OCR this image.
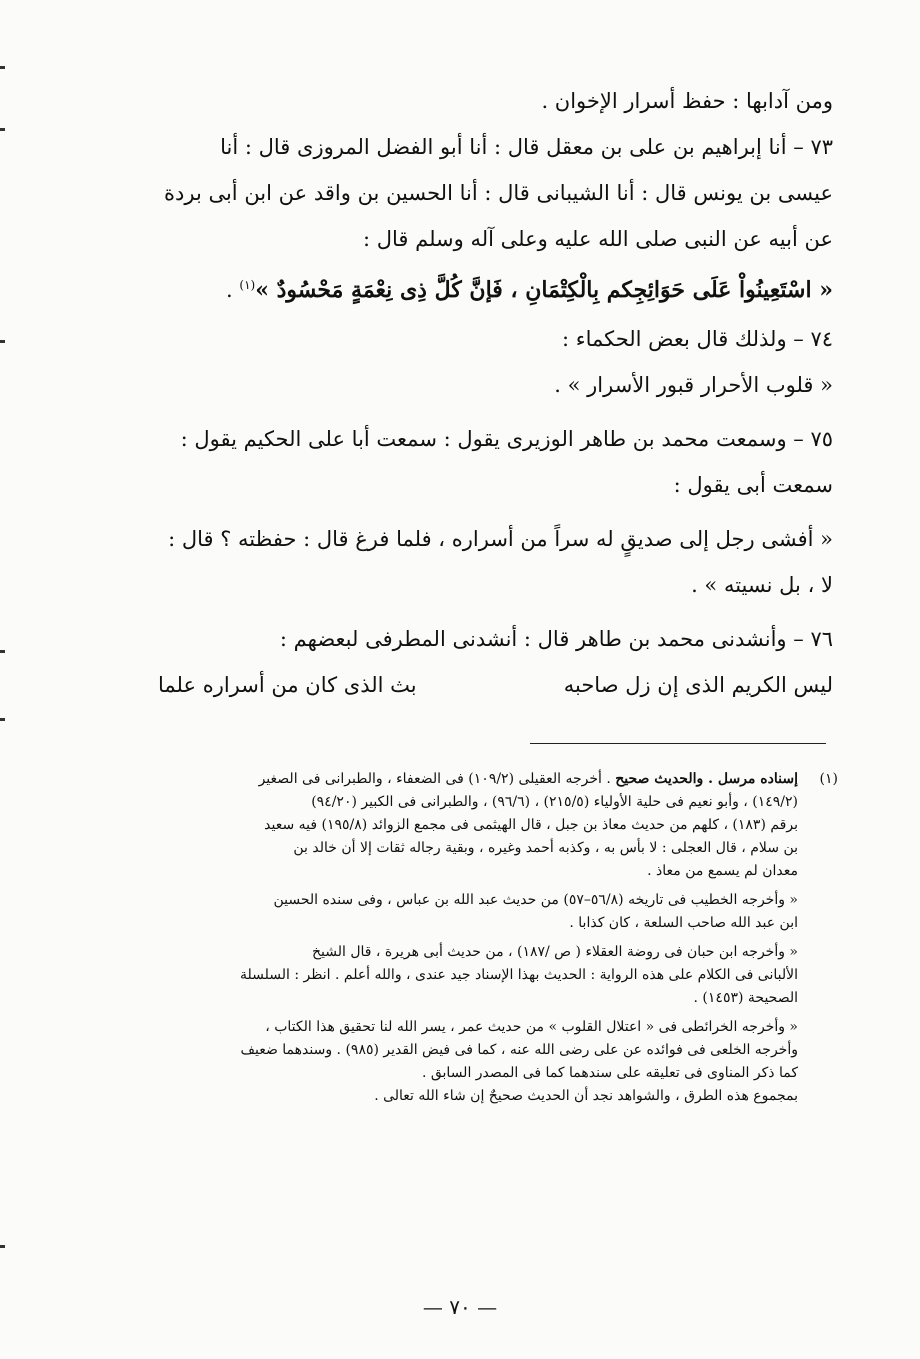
ومن آدابها : حفظ أسرار الإخوان .
٧٣ – أنا إبراهيم بن على بن معقل قال : أنا أبو الفضل المروزى قال : أنا
عيسى بن يونس قال : أنا الشيبانى قال : أنا الحسين بن واقد عن ابن أبى بردة
عن أبيه عن النبى صلى الله عليه وعلى آله وسلم قال :
« اسْتَعِينُواْ عَلَى حَوَائِجِكم بِالْكِتْمَانِ ، فَإنَّ كُلَّ ذِى نِعْمَةٍ مَحْسُودٌ »$^{(١)}$ .
٧٤ – ولذلك قال بعض الحكماء :
« قلوب الأحرار قبور الأسرار » .
٧٥ – وسمعت محمد بن طاهر الوزيرى يقول : سمعت أبا على الحكيم يقول :
سمعت أبى يقول :
« أفشى رجل إلى صديقٍ له سراً من أسراره ، فلما فرغ قال : حفظته ؟ قال :
لا ، بل نسيته » .
٧٦ – وأنشدنى محمد بن طاهر قال : أنشدنى المطرفى لبعضهم :
ليس الكريم الذى إن زل صاحبه
بث الذى كان من أسراره علما
(١)إسناده مرسل . والحديث صحيح . أخرجه العقيلى (١٠٩/٢) فى الضعفاء ، والطبرانى فى الصغير
(١٤٩/٢) ، وأبو نعيم فى حلية الأولياء (٢١٥/٥) ، (٩٦/٦) ، والطبرانى فى الكبير (٩٤/٢٠)
برقم (١٨٣) ، كلهم من حديث معاذ بن جبل ، قال الهيثمى فى مجمع الزوائد (١٩٥/٨) فيه سعيد
بن سلام ، قال العجلى : لا بأس به ، وكذبه أحمد وغيره ، وبقية رجاله ثقات إلا أن خالد بن
معدان لم يسمع من معاذ .
« وأخرجه الخطيب فى تاريخه (٥٦/٨–٥٧) من حديث عبد الله بن عباس ، وفى سنده الحسين
ابن عبد الله صاحب السلعة ، كان كذابا .
« وأخرجه ابن حبان فى روضة العقلاء ( ص /١٨٧) ، من حديث أبى هريرة ، قال الشيخ
الألبانى فى الكلام على هذه الرواية : الحديث بهذا الإسناد جيد عندى ، والله أعلم . انظر : السلسلة
الصحيحة (١٤٥٣) .
« وأخرجه الخرائطى فى « اعتلال القلوب » من حديث عمر ، يسر الله لنا تحقيق هذا الكتاب ،
وأخرجه الخلعى فى فوائده عن على رضى الله عنه ، كما فى فيض القدير (٩٨٥) . وسندهما ضعيف
كما ذكر المناوى فى تعليقه على سندهما كما فى المصدر السابق .
بمجموع هذه الطرق ، والشواهد نجد أن الحديث صحيحٌ إن شاء الله تعالى .
— ٧٠ —
